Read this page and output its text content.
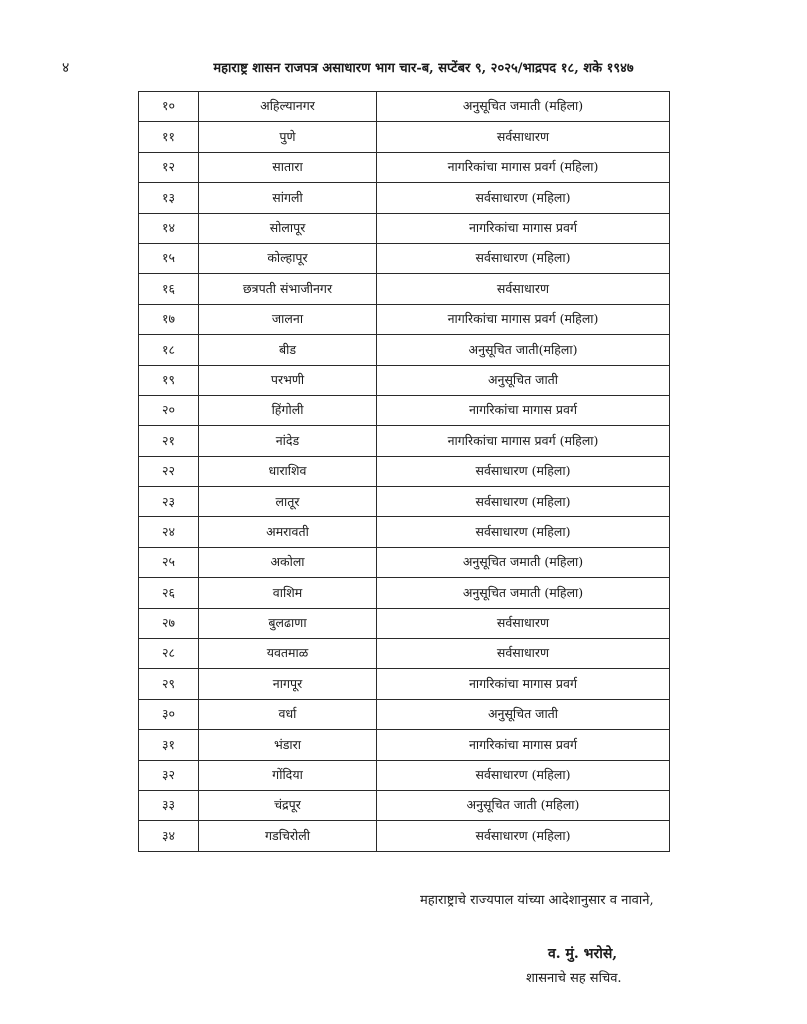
४	महाराष्ट्र शासन राजपत्र असाधारण भाग चार-ब, सप्टेंबर ९, २०२५/भाद्रपद १८, शके १९४७
१०	अहिल्यानगर	अनुसूचित जमाती (महिला)
११	पुणे	सर्वसाधारण
१२	सातारा	नागरिकांचा मागास प्रवर्ग (महिला)
१३	सांगली	सर्वसाधारण (महिला)
१४	सोलापूर	नागरिकांचा मागास प्रवर्ग
१५	कोल्हापूर	सर्वसाधारण (महिला)
१६	छत्रपती संभाजीनगर	सर्वसाधारण
१७	जालना	नागरिकांचा मागास प्रवर्ग (महिला)
१८	बीड	अनुसूचित जाती(महिला)
१९	परभणी	अनुसूचित जाती
२०	हिंगोली	नागरिकांचा मागास प्रवर्ग
२१	नांदेड	नागरिकांचा मागास प्रवर्ग (महिला)
२२	धाराशिव	सर्वसाधारण (महिला)
२३	लातूर	सर्वसाधारण (महिला)
२४	अमरावती	सर्वसाधारण (महिला)
२५	अकोला	अनुसूचित जमाती (महिला)
२६	वाशिम	अनुसूचित जमाती (महिला)
२७	बुलढाणा	सर्वसाधारण
२८	यवतमाळ	सर्वसाधारण
२९	नागपूर	नागरिकांचा मागास प्रवर्ग
३०	वर्धा	अनुसूचित जाती
३१	भंडारा	नागरिकांचा मागास प्रवर्ग
३२	गोंदिया	सर्वसाधारण (महिला)
३३	चंद्रपूर	अनुसूचित जाती (महिला)
३४	गडचिरोली	सर्वसाधारण (महिला)
महाराष्ट्राचे राज्यपाल यांच्या आदेशानुसार व नावाने,
व. मुं. भरोसे,
शासनाचे सह सचिव.
